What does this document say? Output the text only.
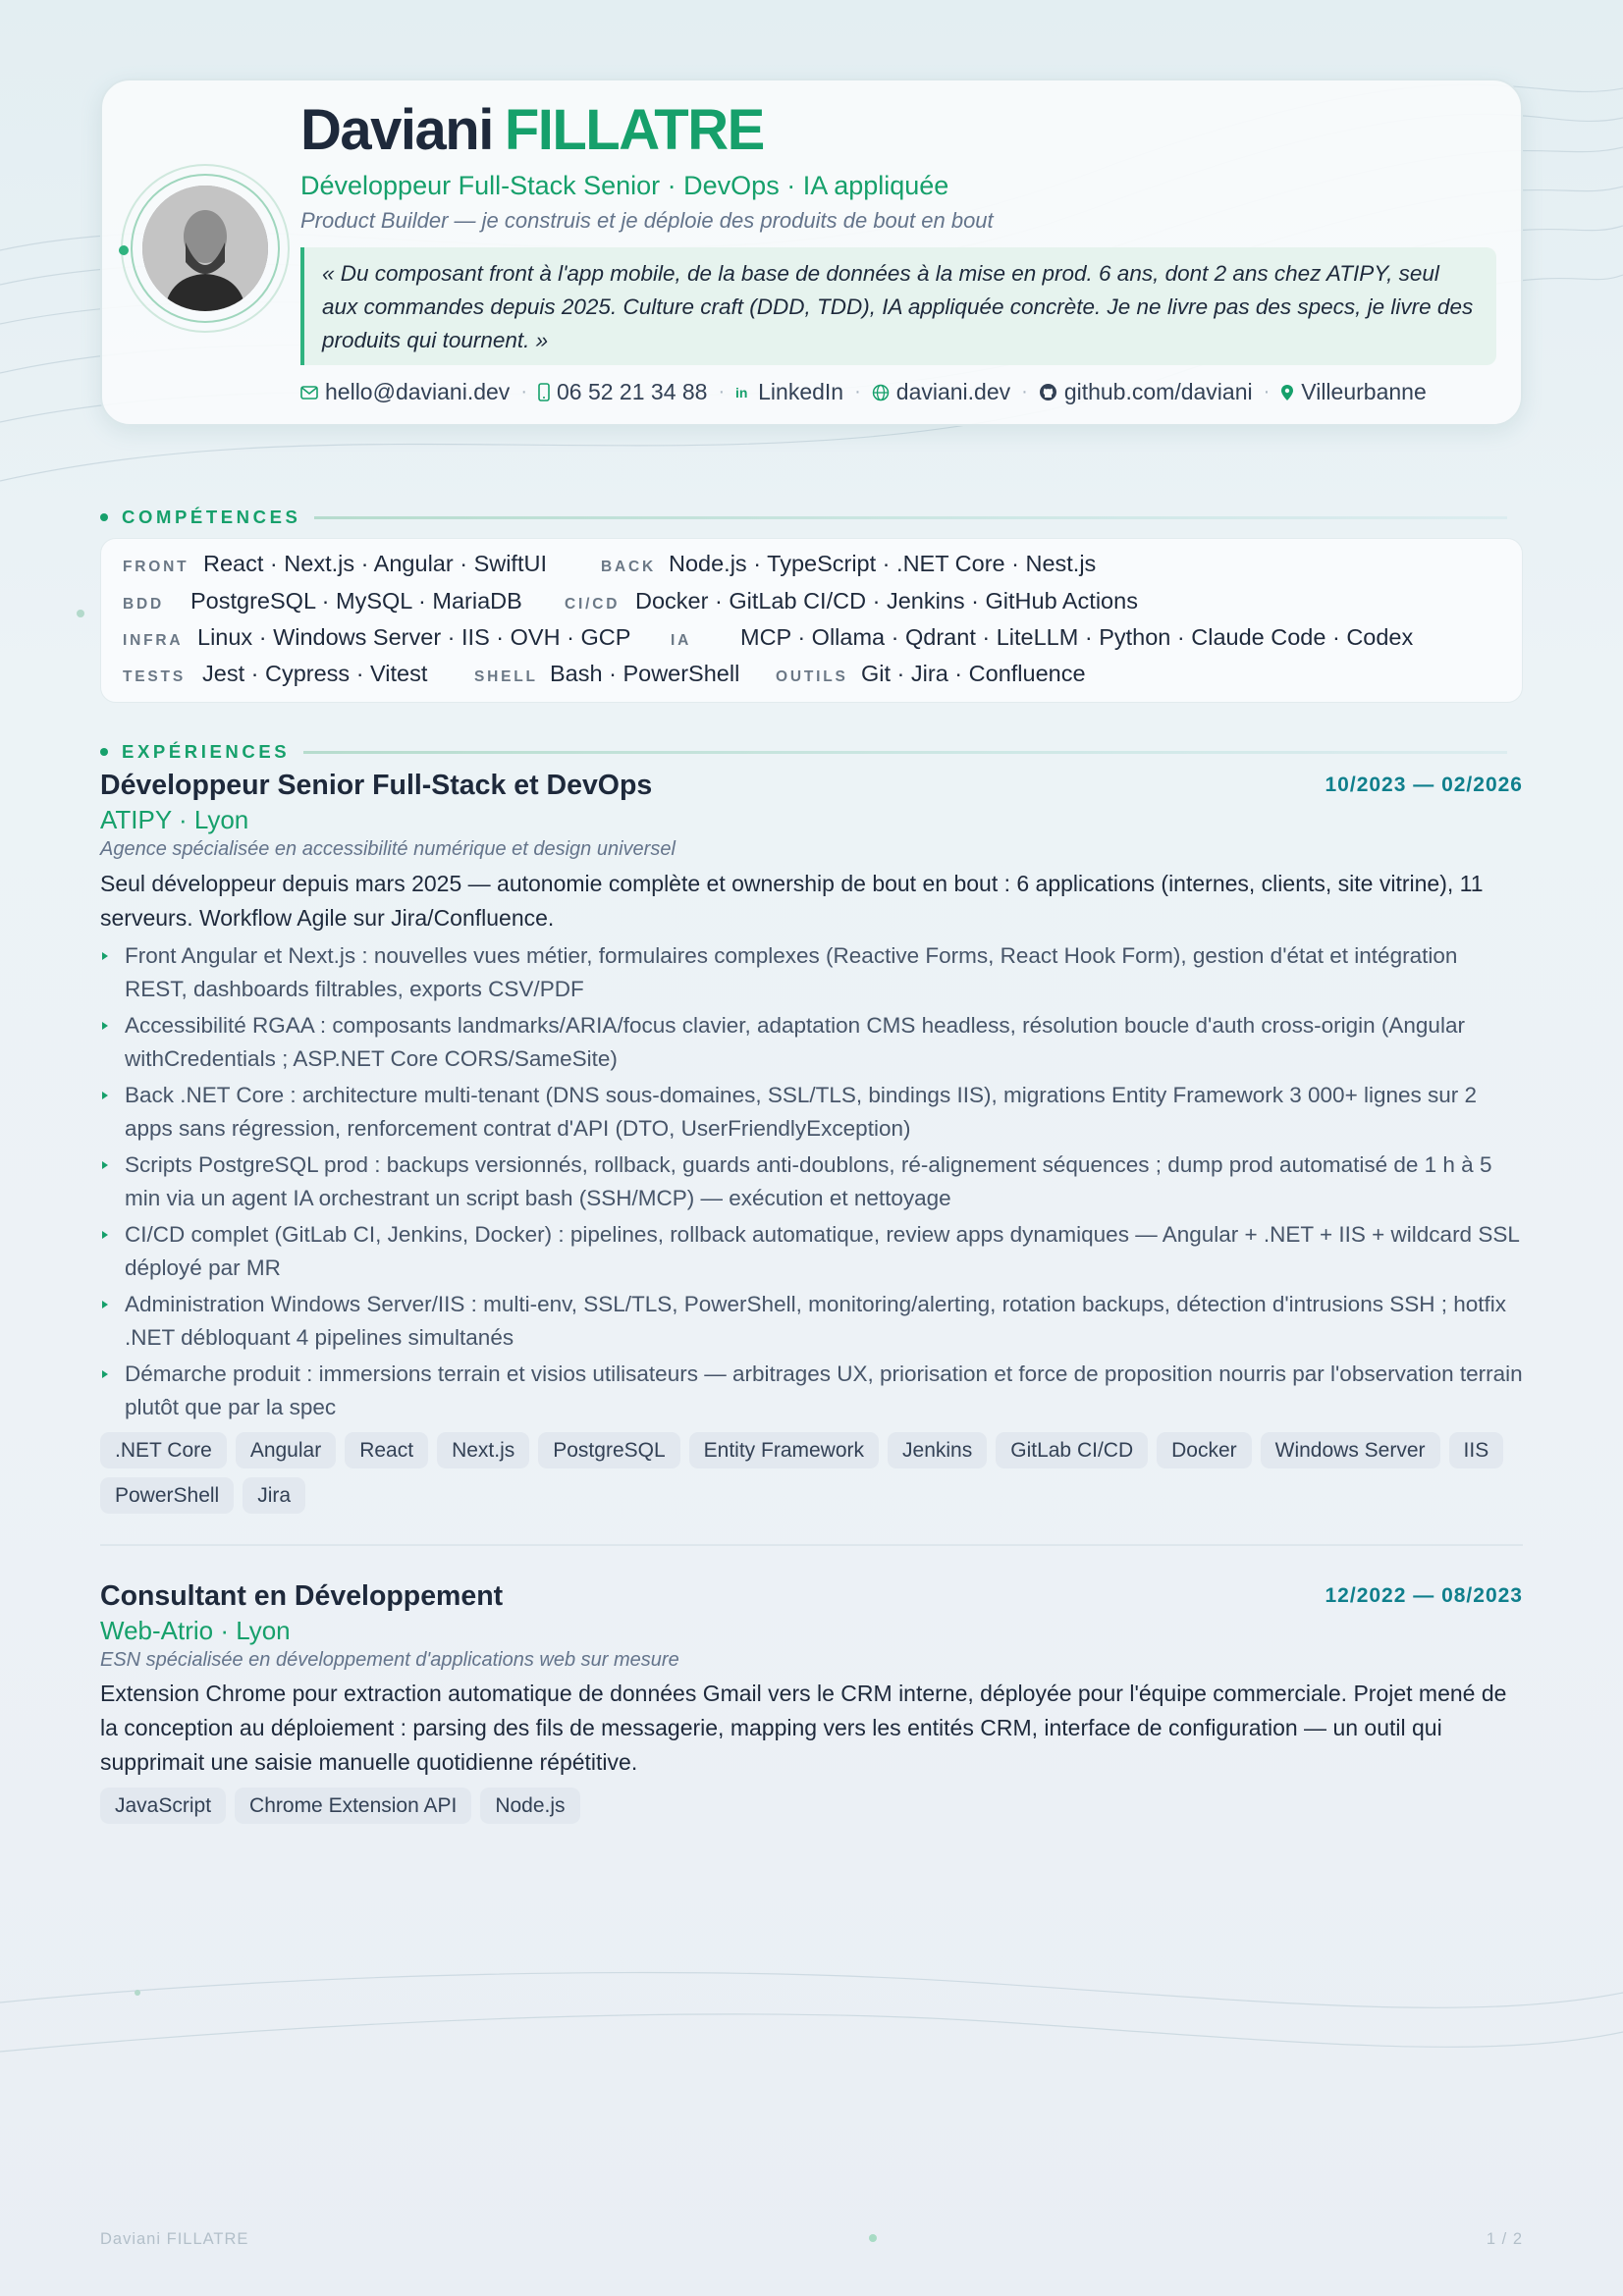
Daviani FILLATRE
Développeur Full-Stack Senior · DevOps · IA appliquée
Product Builder — je construis et je déploie des produits de bout en bout
« Du composant front à l'app mobile, de la base de données à la mise en prod. 6 ans, dont 2 ans chez ATIPY, seul aux commandes depuis 2025. Culture craft (DDD, TDD), IA appliquée concrète. Je ne livre pas des specs, je livre des produits qui tournent. »
hello@daviani.dev · 06 52 21 34 88 · in LinkedIn · daviani.dev · github.com/daviani · Villeurbanne
COMPÉTENCES
FRONT React · Next.js · Angular · SwiftUI	BACK Node.js · TypeScript · .NET Core · Nest.js
BDD	PostgreSQL · MySQL · MariaDB	CI/CD Docker · GitLab CI/CD · Jenkins · GitHub Actions
INFRA Linux · Windows Server · IIS · OVH · GCP	IA	MCP · Ollama · Qdrant · LiteLLM · Python · Claude Code · Codex
TESTS Jest · Cypress · Vitest	SHELL Bash · PowerShell	OUTILS Git · Jira · Confluence
EXPÉRIENCES
Développeur Senior Full-Stack et DevOps	10/2023 — 02/2026
ATIPY · Lyon
Agence spécialisée en accessibilité numérique et design universel
Seul développeur depuis mars 2025 — autonomie complète et ownership de bout en bout : 6 applications (internes, clients, site vitrine), 11 serveurs. Workflow Agile sur Jira/Confluence.
Front Angular et Next.js : nouvelles vues métier, formulaires complexes (Reactive Forms, React Hook Form), gestion d'état et intégration REST, dashboards filtrables, exports CSV/PDF
Accessibilité RGAA : composants landmarks/ARIA/focus clavier, adaptation CMS headless, résolution boucle d'auth cross-origin (Angular withCredentials ; ASP.NET Core CORS/SameSite)
Back .NET Core : architecture multi-tenant (DNS sous-domaines, SSL/TLS, bindings IIS), migrations Entity Framework 3 000+ lignes sur 2 apps sans régression, renforcement contrat d'API (DTO, UserFriendlyException)
Scripts PostgreSQL prod : backups versionnés, rollback, guards anti-doublons, ré-alignement séquences ; dump prod automatisé de 1 h à 5 min via un agent IA orchestrant un script bash (SSH/MCP) — exécution et nettoyage
CI/CD complet (GitLab CI, Jenkins, Docker) : pipelines, rollback automatique, review apps dynamiques — Angular + .NET + IIS + wildcard SSL déployé par MR
Administration Windows Server/IIS : multi-env, SSL/TLS, PowerShell, monitoring/alerting, rotation backups, détection d'intrusions SSH ; hotfix .NET débloquant 4 pipelines simultanés
Démarche produit : immersions terrain et visios utilisateurs — arbitrages UX, priorisation et force de proposition nourris par l'observation terrain plutôt que par la spec
.NET Core	Angular	React	Next.js	PostgreSQL	Entity Framework	Jenkins	GitLab CI/CD	Docker	Windows Server	IIS
PowerShell	Jira
Consultant en Développement	12/2022 — 08/2023
Web-Atrio · Lyon
ESN spécialisée en développement d'applications web sur mesure
Extension Chrome pour extraction automatique de données Gmail vers le CRM interne, déployée pour l'équipe commerciale. Projet mené de la conception au déploiement : parsing des fils de messagerie, mapping vers les entités CRM, interface de configuration — un outil qui supprimait une saisie manuelle quotidienne répétitive.
JavaScript	Chrome Extension API	Node.js
Daviani FILLATRE	1 / 2
